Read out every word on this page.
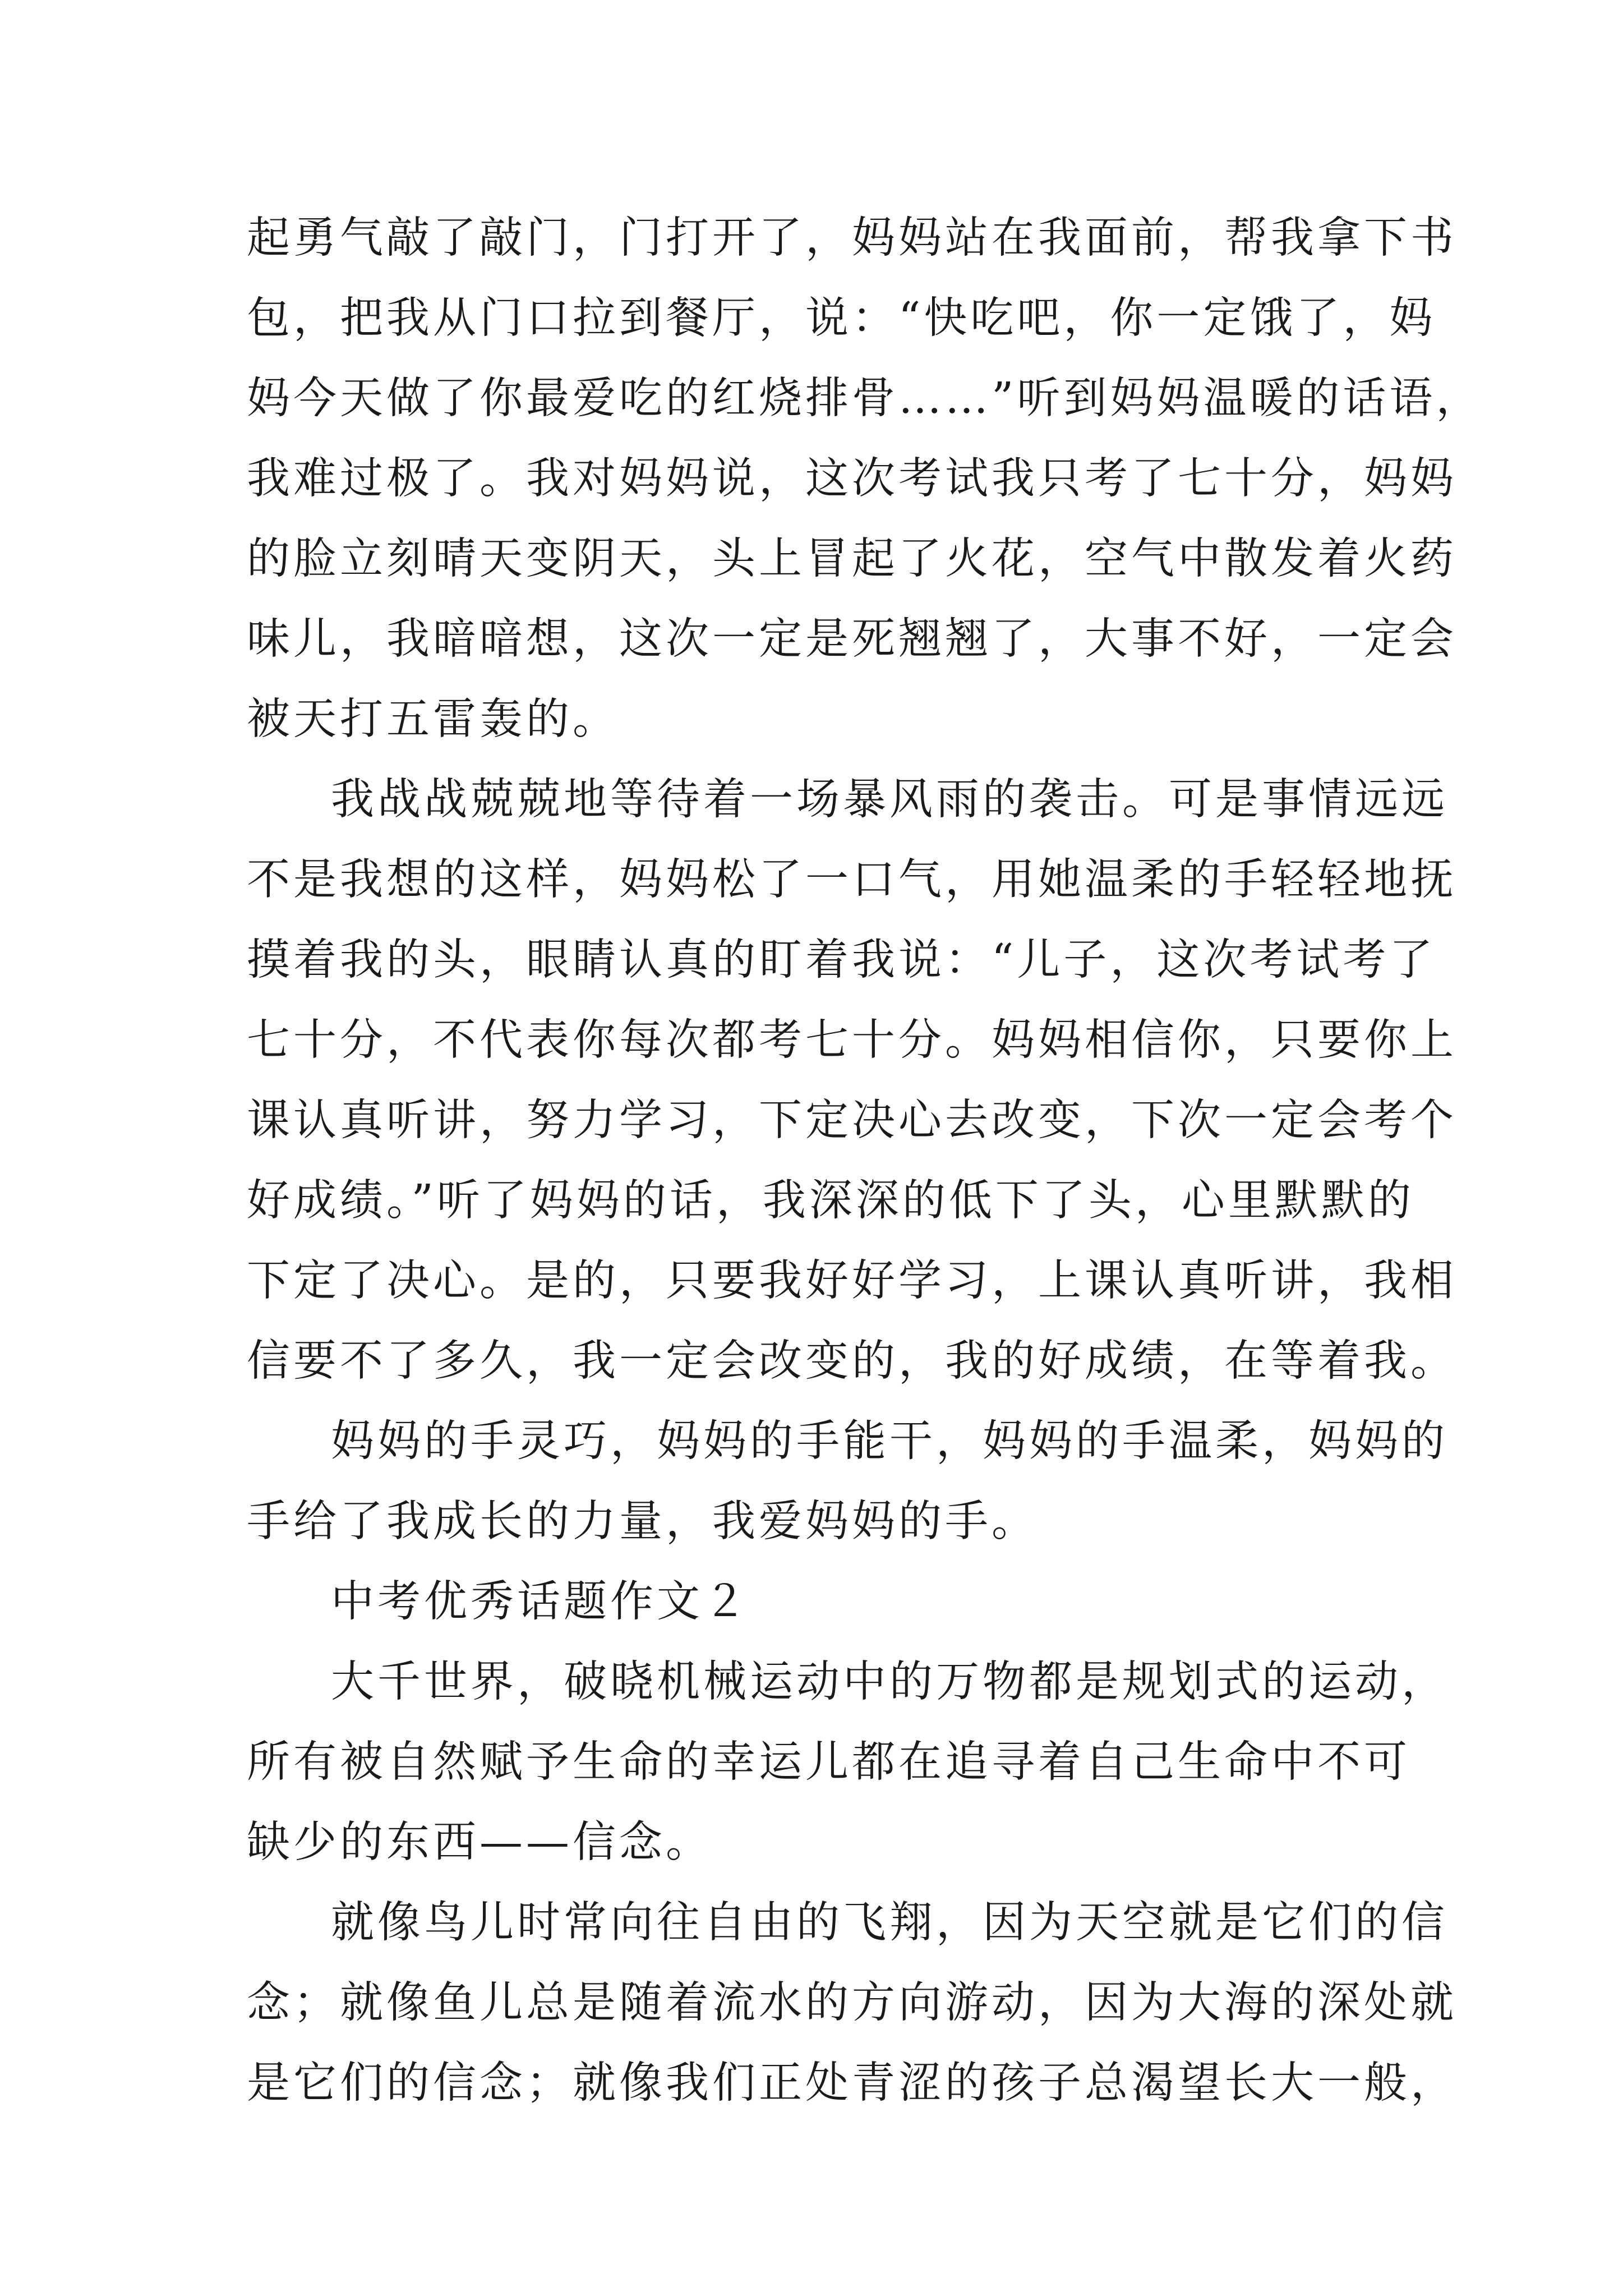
起勇气敲了敲门，门打开了，妈妈站在我面前，帮我拿下书
包，把我从门口拉到餐厅，说：“快吃吧，你一定饿了，妈
妈今天做了你最爱吃的红烧排骨……”听到妈妈温暖的话语，
我难过极了。我对妈妈说，这次考试我只考了七十分，妈妈
的脸立刻晴天变阴天，头上冒起了火花，空气中散发着火药
味儿，我暗暗想，这次一定是死翘翘了，大事不好，一定会
被天打五雷轰的。
我战战兢兢地等待着一场暴风雨的袭击。可是事情远远
不是我想的这样，妈妈松了一口气，用她温柔的手轻轻地抚
摸着我的头，眼睛认真的盯着我说：“儿子，这次考试考了
七十分，不代表你每次都考七十分。妈妈相信你，只要你上
课认真听讲，努力学习，下定决心去改变，下次一定会考个
好成绩。”听了妈妈的话，我深深的低下了头，心里默默的
下定了决心。是的，只要我好好学习，上课认真听讲，我相
信要不了多久，我一定会改变的，我的好成绩，在等着我。
妈妈的手灵巧，妈妈的手能干，妈妈的手温柔，妈妈的
手给了我成长的力量，我爱妈妈的手。
中考优秀话题作文２
大千世界，破晓机械运动中的万物都是规划式的运动，
所有被自然赋予生命的幸运儿都在追寻着自己生命中不可
缺少的东西——信念。
就像鸟儿时常向往自由的飞翔，因为天空就是它们的信
念；就像鱼儿总是随着流水的方向游动，因为大海的深处就
是它们的信念；就像我们正处青涩的孩子总渴望长大一般，
